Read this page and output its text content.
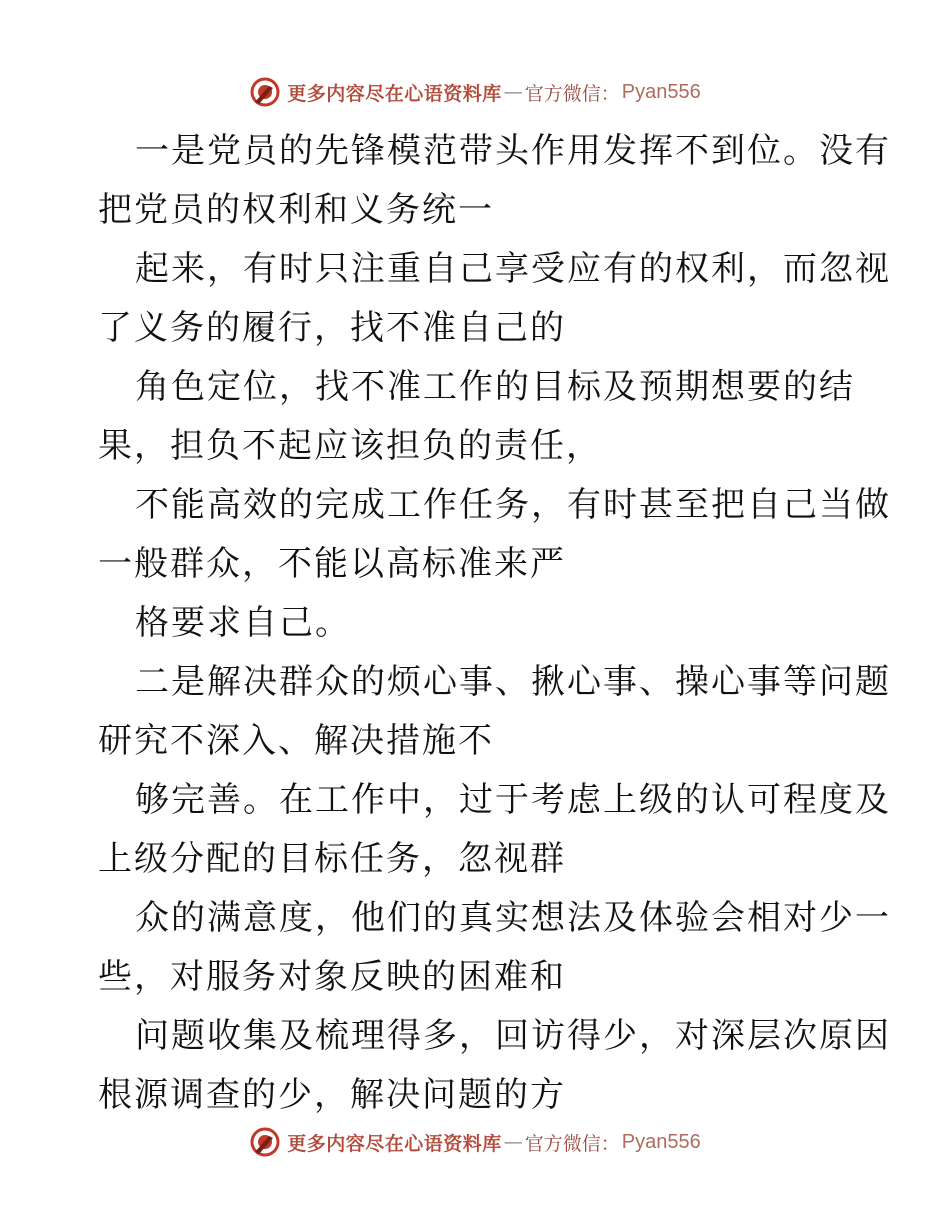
更多内容尽在心语资料库 — 官方微信： Pyan556
一是党员的先锋模范带头作用发挥不到位。没有
把党员的权利和义务统一
起来，有时只注重自己享受应有的权利，而忽视
了义务的履行，找不准自己的
角色定位，找不准工作的目标及预期想要的结
果，担负不起应该担负的责任，
不能高效的完成工作任务，有时甚至把自己当做
一般群众，不能以高标准来严
格要求自己。
二是解决群众的烦心事、揪心事、操心事等问题
研究不深入、解决措施不
够完善。在工作中，过于考虑上级的认可程度及
上级分配的目标任务，忽视群
众的满意度，他们的真实想法及体验会相对少一
些，对服务对象反映的困难和
问题收集及梳理得多，回访得少，对深层次原因
根源调查的少，解决问题的方
更多内容尽在心语资料库 — 官方微信： Pyan556
